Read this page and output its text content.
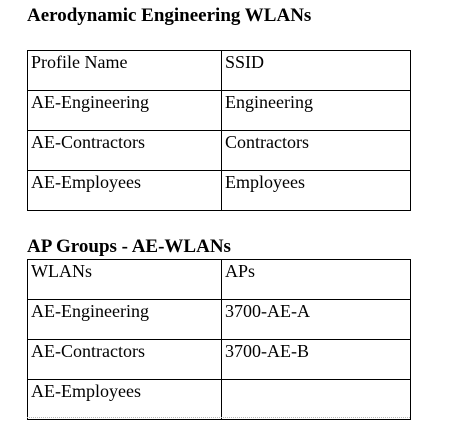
Aerodynamic Engineering WLANs
Profile Name	SSID
AE-Engineering	Engineering
AE-Contractors	Contractors
AE-Employees	Employees
AP Groups - AE-WLANs
WLANs	APs
AE-Engineering	3700-AE-A
AE-Contractors	3700-AE-B
AE-Employees	
